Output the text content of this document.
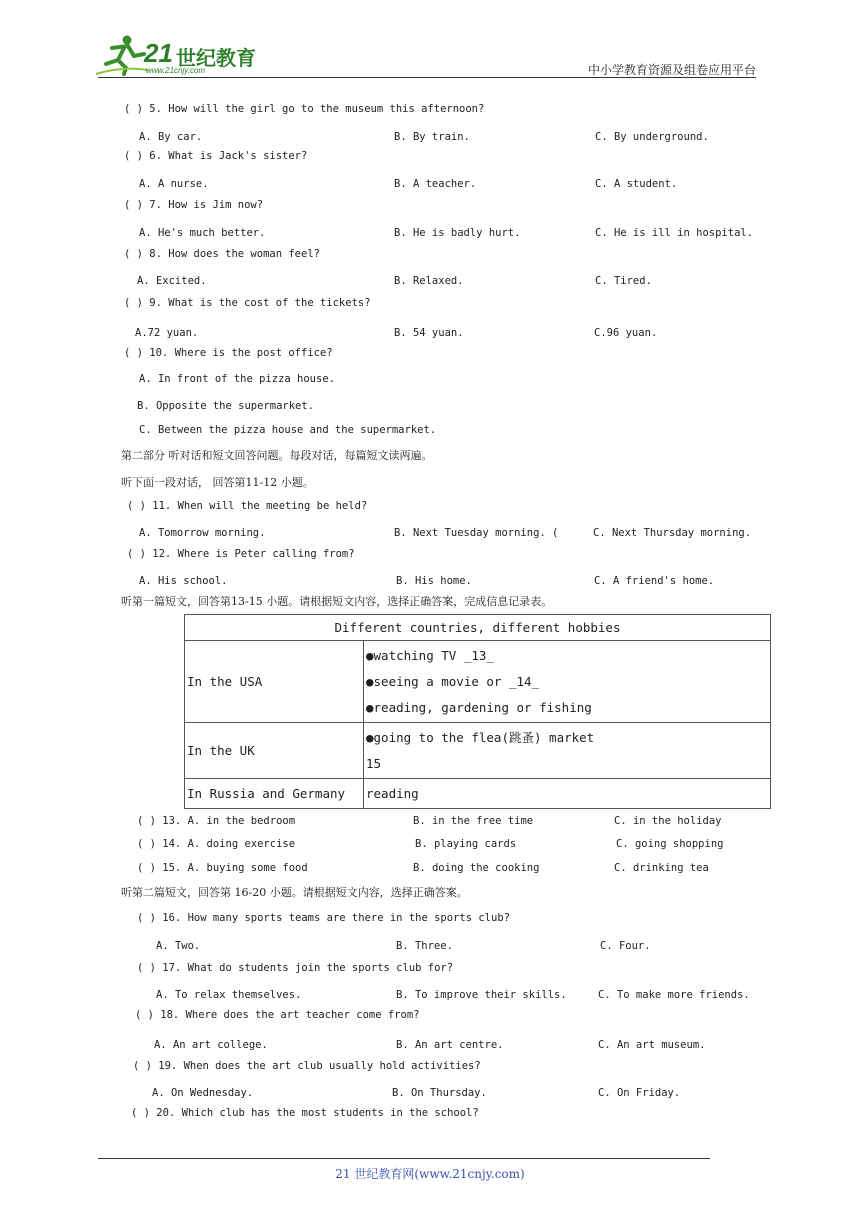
21 世纪教育
www.21cnjy.com	中小学教育资源及组卷应用平台
( ) 5. How will the girl go to the museum this afternoon?
A. By car.	B. By train.	C. By underground.
( ) 6. What is Jack's sister?
A. A nurse.	B. A teacher.	C. A student.
( ) 7. How is Jim now?
A. He's much better.	B. He is badly hurt.	C. He is ill in hospital.
( ) 8. How does the woman feel?
A. Excited.	B. Relaxed.	C. Tired.
( ) 9. What is the cost of the tickets?
A.72 yuan.	B. 54 yuan.	C.96 yuan.
( ) 10. Where is the post office?
A. In front of the pizza house.
B. Opposite the supermarket.
C. Between the pizza house and the supermarket.
第二部分 听对话和短文回答问题。每段对话，每篇短文读两遍。
听下面一段对话， 回答第11-12 小题。
( ) 11. When will the meeting be held?
A. Tomorrow morning.	B. Next Tuesday morning. (	C. Next Thursday morning.
( ) 12. Where is Peter calling from?
A. His school.	B. His home.	C. A friend's home.
听第一篇短文，回答第13-15 小题。请根据短文内容，选择正确答案，完成信息记录表。
Different countries, different hobbies	
In the USA	●watching TV _13_
●seeing a movie or _14_
●reading, gardening or fishing

In the UK	●going to the flea(跳蚤) market
15

In Russia and Germany	reading
( ) 13. A. in the bedroom	B. in the free time	C. in the holiday
( ) 14. A. doing exercise	B. playing cards	C. going shopping
( ) 15. A. buying some food	B. doing the cooking	C. drinking tea
听第二篇短文，回答第 16-20 小题。请根据短文内容，选择正确答案。
( ) 16. How many sports teams are there in the sports club?
A. Two.	B. Three.	C. Four.
( ) 17. What do students join the sports club for?
A. To relax themselves.	B. To improve their skills.	C. To make more friends.
( ) 18. Where does the art teacher come from?
A. An art college.	B. An art centre.	C. An art museum.
( ) 19. When does the art club usually hold activities?
A. On Wednesday.	B. On Thursday.	C. On Friday.
( ) 20. Which club has the most students in the school?
21 世纪教育网(www.21cnjy.com)
